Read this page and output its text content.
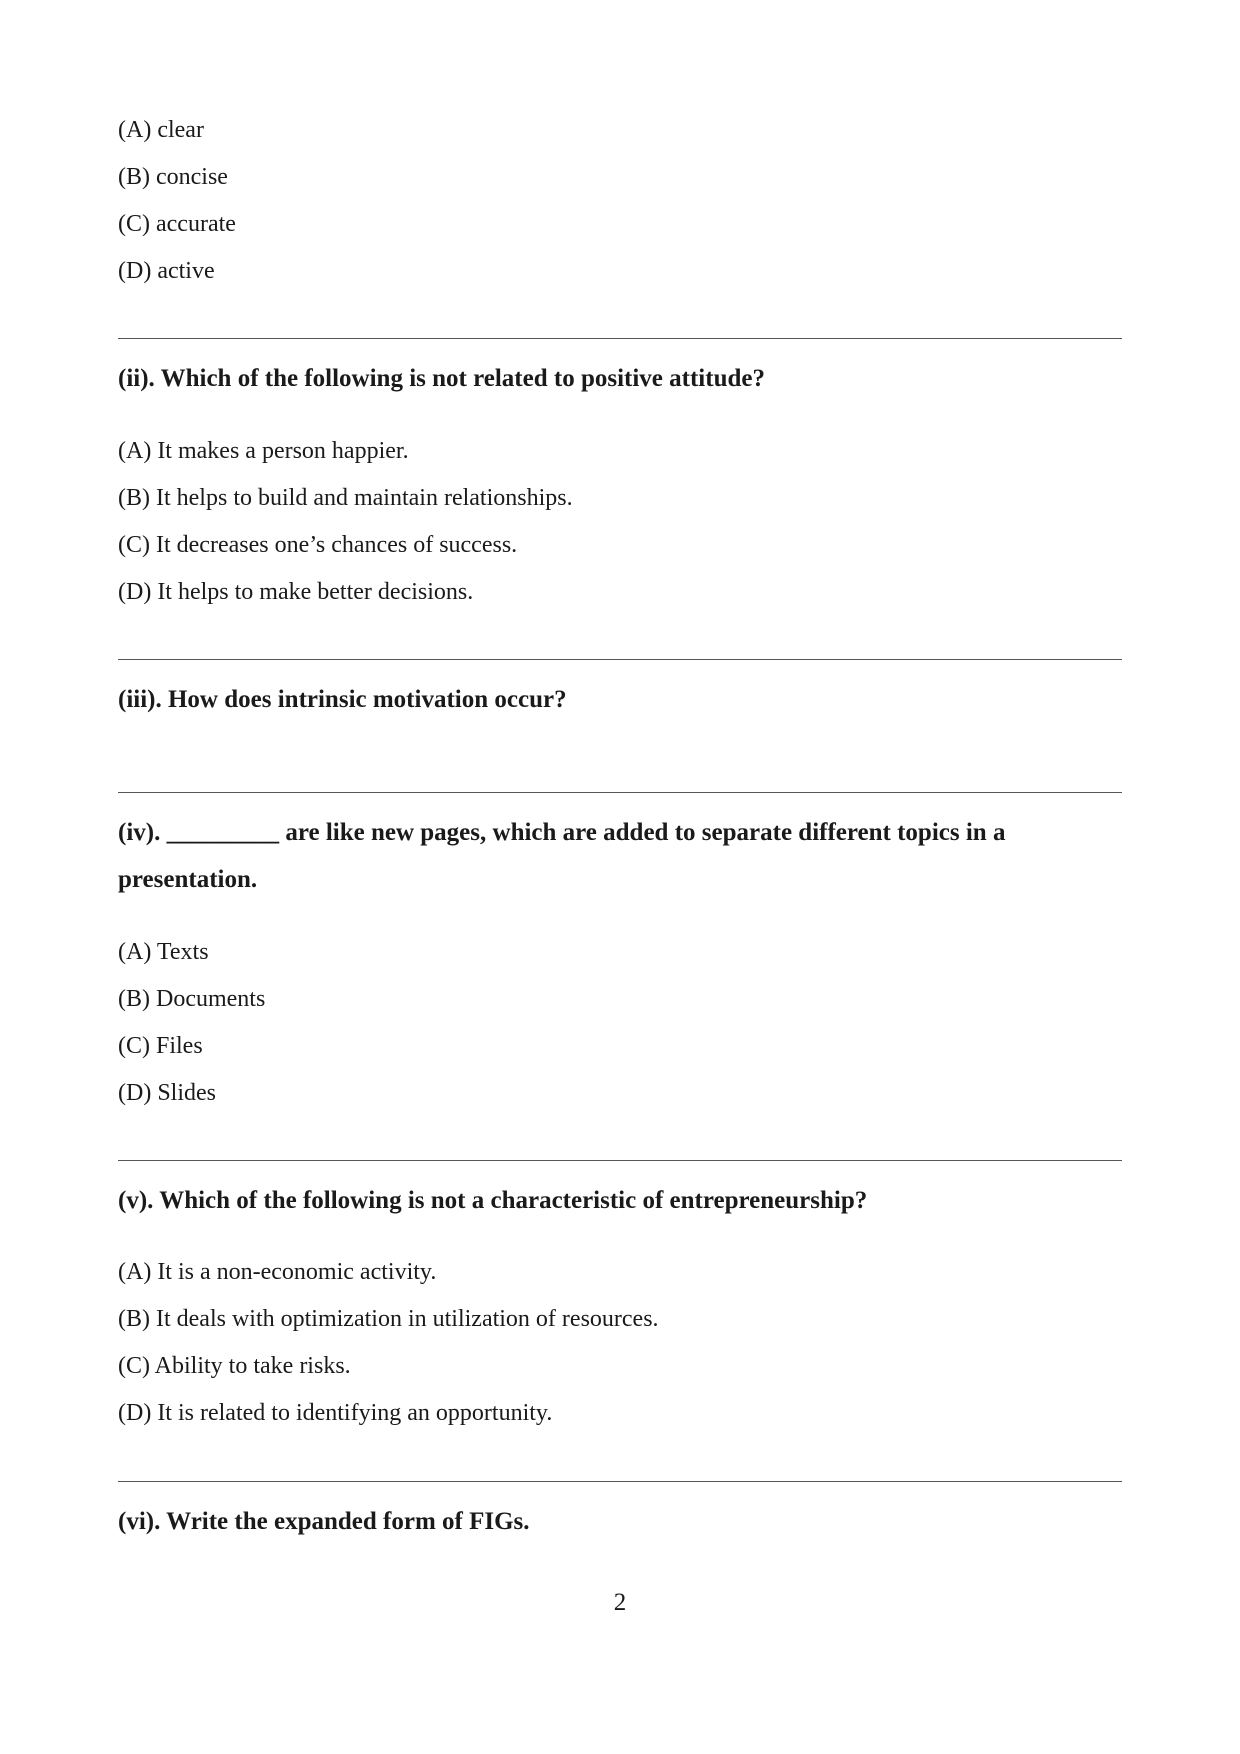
(A) clear
(B) concise
(C) accurate
(D) active
(ii). Which of the following is not related to positive attitude?
(A) It makes a person happier.
(B) It helps to build and maintain relationships.
(C) It decreases one’s chances of success.
(D) It helps to make better decisions.
(iii). How does intrinsic motivation occur?
(iv). _________ are like new pages, which are added to separate different topics in a
presentation.
(A) Texts
(B) Documents
(C) Files
(D) Slides
(v). Which of the following is not a characteristic of entrepreneurship?
(A) It is a non-economic activity.
(B) It deals with optimization in utilization of resources.
(C) Ability to take risks.
(D) It is related to identifying an opportunity.
(vi). Write the expanded form of FIGs.
2
